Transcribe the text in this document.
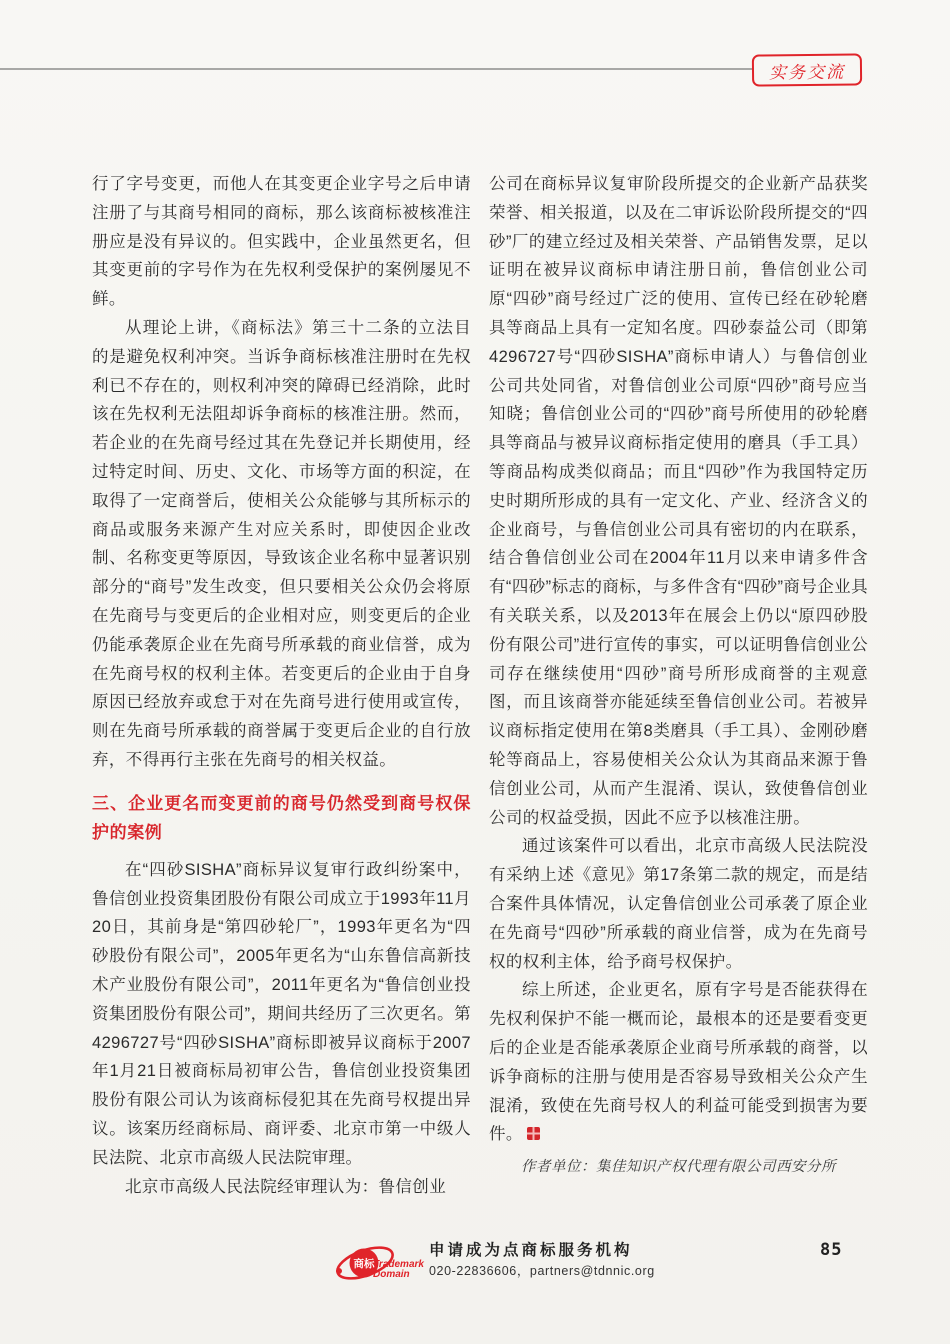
实务交流

行了字号变更，而他人在其变更企业字号之后申请注册了与其商号相同的商标，那么该商标被核准注册应是没有异议的。但实践中，企业虽然更名，但其变更前的字号作为在先权利受保护的案例屡见不鲜。

从理论上讲，《商标法》第三十二条的立法目的是避免权利冲突。当诉争商标核准注册时在先权利已不存在的，则权利冲突的障碍已经消除，此时该在先权利无法阻却诉争商标的核准注册。然而，若企业的在先商号经过其在先登记并长期使用，经过特定时间、历史、文化、市场等方面的积淀，在取得了一定商誉后，使相关公众能够与其所标示的商品或服务来源产生对应关系时，即使因企业改制、名称变更等原因，导致该企业名称中显著识别部分的“商号”发生改变，但只要相关公众仍会将原在先商号与变更后的企业相对应，则变更后的企业仍能承袭原企业在先商号所承载的商业信誉，成为在先商号权的权利主体。若变更后的企业由于自身原因已经放弃或怠于对在先商号进行使用或宣传，则在先商号所承载的商誉属于变更后企业的自行放弃，不得再行主张在先商号的相关权益。

三、企业更名而变更前的商号仍然受到商号权保护的案例

在“四砂SISHA”商标异议复审行政纠纷案中，鲁信创业投资集团股份有限公司成立于1993年11月20日，其前身是“第四砂轮厂”，1993年更名为“四砂股份有限公司”，2005年更名为“山东鲁信高新技术产业股份有限公司”，2011年更名为“鲁信创业投资集团股份有限公司”，期间共经历了三次更名。第4296727号“四砂SISHA”商标即被异议商标于2007年1月21日被商标局初审公告，鲁信创业投资集团股份有限公司认为该商标侵犯其在先商号权提出异议。该案历经商标局、商评委、北京市第一中级人民法院、北京市高级人民法院审理。

北京市高级人民法院经审理认为：鲁信创业

公司在商标异议复审阶段所提交的企业新产品获奖荣誉、相关报道，以及在二审诉讼阶段所提交的“四砂”厂的建立经过及相关荣誉、产品销售发票，足以证明在被异议商标申请注册日前，鲁信创业公司原“四砂”商号经过广泛的使用、宣传已经在砂轮磨具等商品上具有一定知名度。四砂泰益公司（即第4296727号“四砂SISHA”商标申请人）与鲁信创业公司共处同省，对鲁信创业公司原“四砂”商号应当知晓；鲁信创业公司的“四砂”商号所使用的砂轮磨具等商品与被异议商标指定使用的磨具（手工具）等商品构成类似商品；而且“四砂”作为我国特定历史时期所形成的具有一定文化、产业、经济含义的企业商号，与鲁信创业公司具有密切的内在联系，结合鲁信创业公司在2004年11月以来申请多件含有“四砂”标志的商标，与多件含有“四砂”商号企业具有关联关系，以及2013年在展会上仍以“原四砂股份有限公司”进行宣传的事实，可以证明鲁信创业公司存在继续使用“四砂”商号所形成商誉的主观意图，而且该商誉亦能延续至鲁信创业公司。若被异议商标指定使用在第8类磨具（手工具）、金刚砂磨轮等商品上，容易使相关公众认为其商品来源于鲁信创业公司，从而产生混淆、误认，致使鲁信创业公司的权益受损，因此不应予以核准注册。

通过该案件可以看出，北京市高级人民法院没有采纳上述《意见》第17条第二款的规定，而是结合案件具体情况，认定鲁信创业公司承袭了原企业在先商号“四砂”所承载的商业信誉，成为在先商号权的权利主体，给予商号权保护。

综上所述，企业更名，原有字号是否能获得在先权利保护不能一概而论，最根本的还是要看变更后的企业是否能承袭原企业商号所承载的商誉，以诉争商标的注册与使用是否容易导致相关公众产生混淆，致使在先商号权人的利益可能受到损害为要件。

作者单位：集佳知识产权代理有限公司西安分所

商标
Trademark
Domain
申请成为点商标服务机构
020-22836606，partners@tdnnic.org
85
